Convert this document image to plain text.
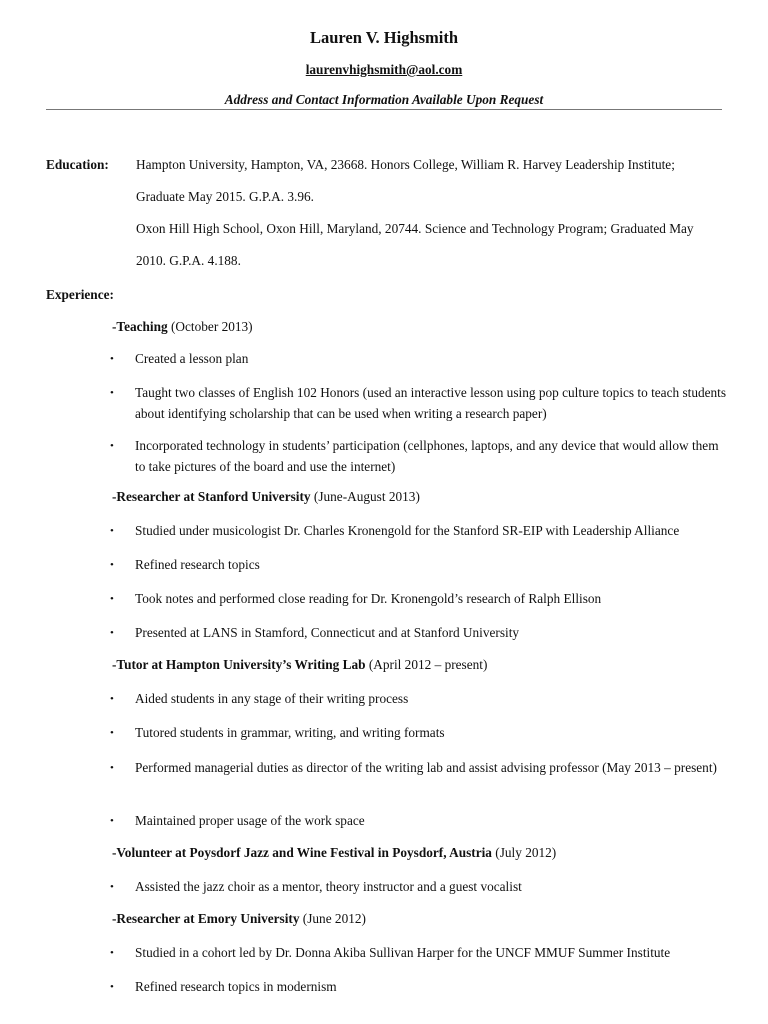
Lauren V. Highsmith
laurenvhighsmith@aol.com
Address and Contact Information Available Upon Request
Education: Hampton University, Hampton, VA, 23668. Honors College, William R. Harvey Leadership Institute;
Graduate May 2015. G.P.A. 3.96.
Oxon Hill High School, Oxon Hill, Maryland, 20744. Science and Technology Program; Graduated May
2010. G.P.A. 4.188.
Experience:
-Teaching (October 2013)
•	Created a lesson plan
•	Taught two classes of English 102 Honors (used an interactive lesson using pop culture topics to teach students about identifying scholarship that can be used when writing a research paper)
•	Incorporated technology in students’ participation (cellphones, laptops, and any device that would allow them to take pictures of the board and use the internet)
-Researcher at Stanford University (June-August 2013)
•	Studied under musicologist Dr. Charles Kronengold for the Stanford SR-EIP with Leadership Alliance
•	Refined research topics
•	Took notes and performed close reading for Dr. Kronengold’s research of Ralph Ellison
•	Presented at LANS in Stamford, Connecticut and at Stanford University
-Tutor at Hampton University’s Writing Lab (April 2012 – present)
•	Aided students in any stage of their writing process
•	Tutored students in grammar, writing, and writing formats
•	Performed managerial duties as director of the writing lab and assist advising professor (May 2013 – present)
•	Maintained proper usage of the work space
-Volunteer at Poysdorf Jazz and Wine Festival in Poysdorf, Austria (July 2012)
•	Assisted the jazz choir as a mentor, theory instructor and a guest vocalist
-Researcher at Emory University (June 2012)
•	Studied in a cohort led by Dr. Donna Akiba Sullivan Harper for the UNCF MMUF Summer Institute
•	Refined research topics in modernism
